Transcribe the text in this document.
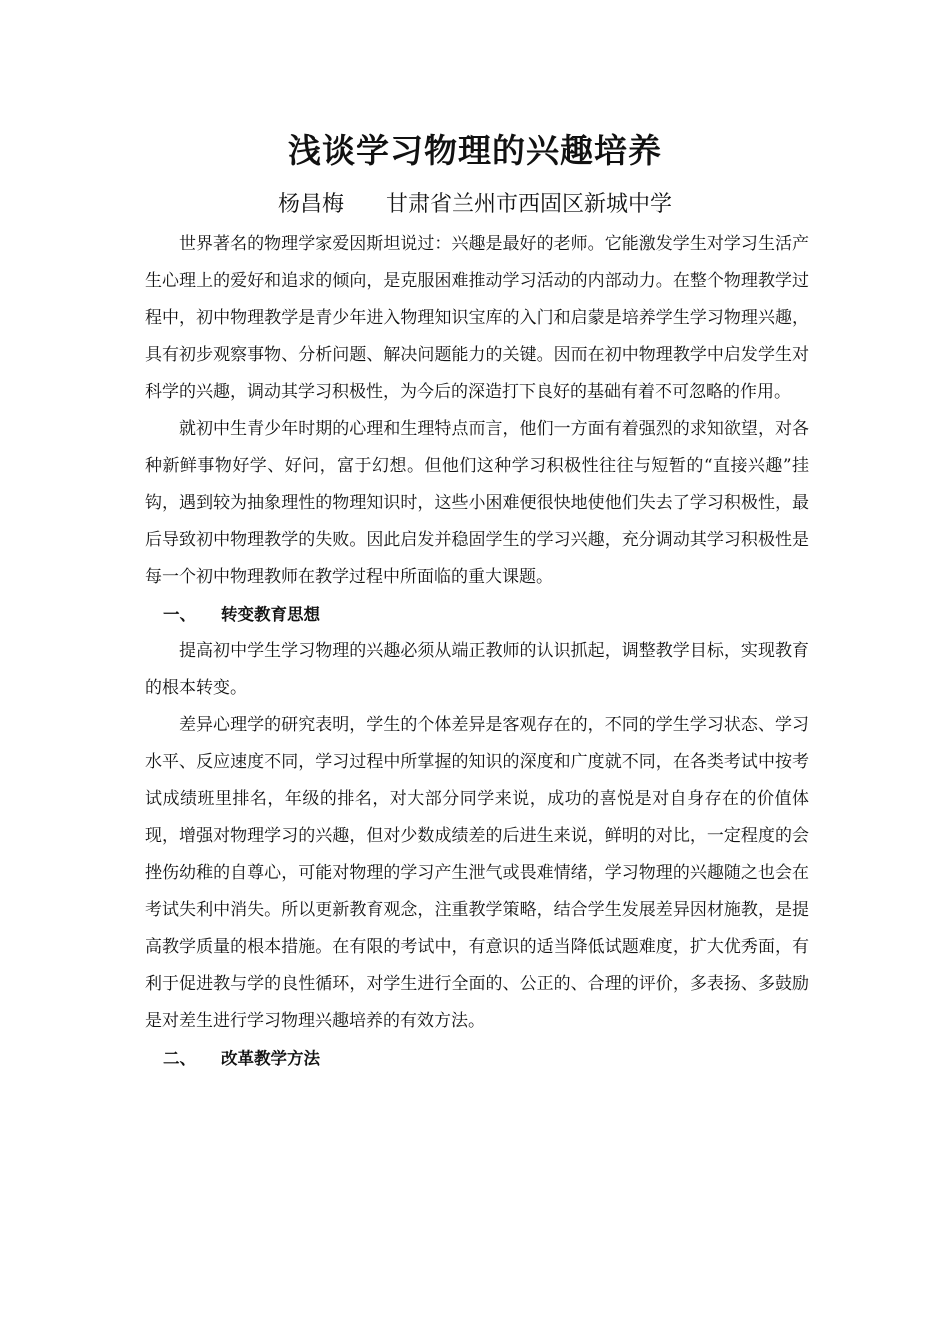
浅谈学习物理的兴趣培养
杨昌梅 甘肃省兰州市西固区新城中学

世界著名的物理学家爱因斯坦说过：兴趣是最好的老师。它能激发学生对学习生活产生心理上的爱好和追求的倾向，是克服困难推动学习活动的内部动力。在整个物理教学过程中，初中物理教学是青少年进入物理知识宝库的入门和启蒙是培养学生学习物理兴趣，具有初步观察事物、分析问题、解决问题能力的关键。因而在初中物理教学中启发学生对科学的兴趣，调动其学习积极性，为今后的深造打下良好的基础有着不可忽略的作用。

就初中生青少年时期的心理和生理特点而言，他们一方面有着强烈的求知欲望，对各种新鲜事物好学、好问，富于幻想。但他们这种学习积极性往往与短暂的“直接兴趣”挂钩，遇到较为抽象理性的物理知识时，这些小困难便很快地使他们失去了学习积极性，最后导致初中物理教学的失败。因此启发并稳固学生的学习兴趣，充分调动其学习积极性是每一个初中物理教师在教学过程中所面临的重大课题。

一、 转变教育思想

提高初中学生学习物理的兴趣必须从端正教师的认识抓起，调整教学目标，实现教育的根本转变。

差异心理学的研究表明，学生的个体差异是客观存在的，不同的学生学习状态、学习水平、反应速度不同，学习过程中所掌握的知识的深度和广度就不同，在各类考试中按考试成绩班里排名，年级的排名，对大部分同学来说，成功的喜悦是对自身存在的价值体现，增强对物理学习的兴趣，但对少数成绩差的后进生来说，鲜明的对比，一定程度的会挫伤幼稚的自尊心，可能对物理的学习产生泄气或畏难情绪，学习物理的兴趣随之也会在考试失利中消失。所以更新教育观念，注重教学策略，结合学生发展差异因材施教，是提高教学质量的根本措施。在有限的考试中，有意识的适当降低试题难度，扩大优秀面，有利于促进教与学的良性循环，对学生进行全面的、公正的、合理的评价，多表扬、多鼓励是对差生进行学习物理兴趣培养的有效方法。

二、 改革教学方法
